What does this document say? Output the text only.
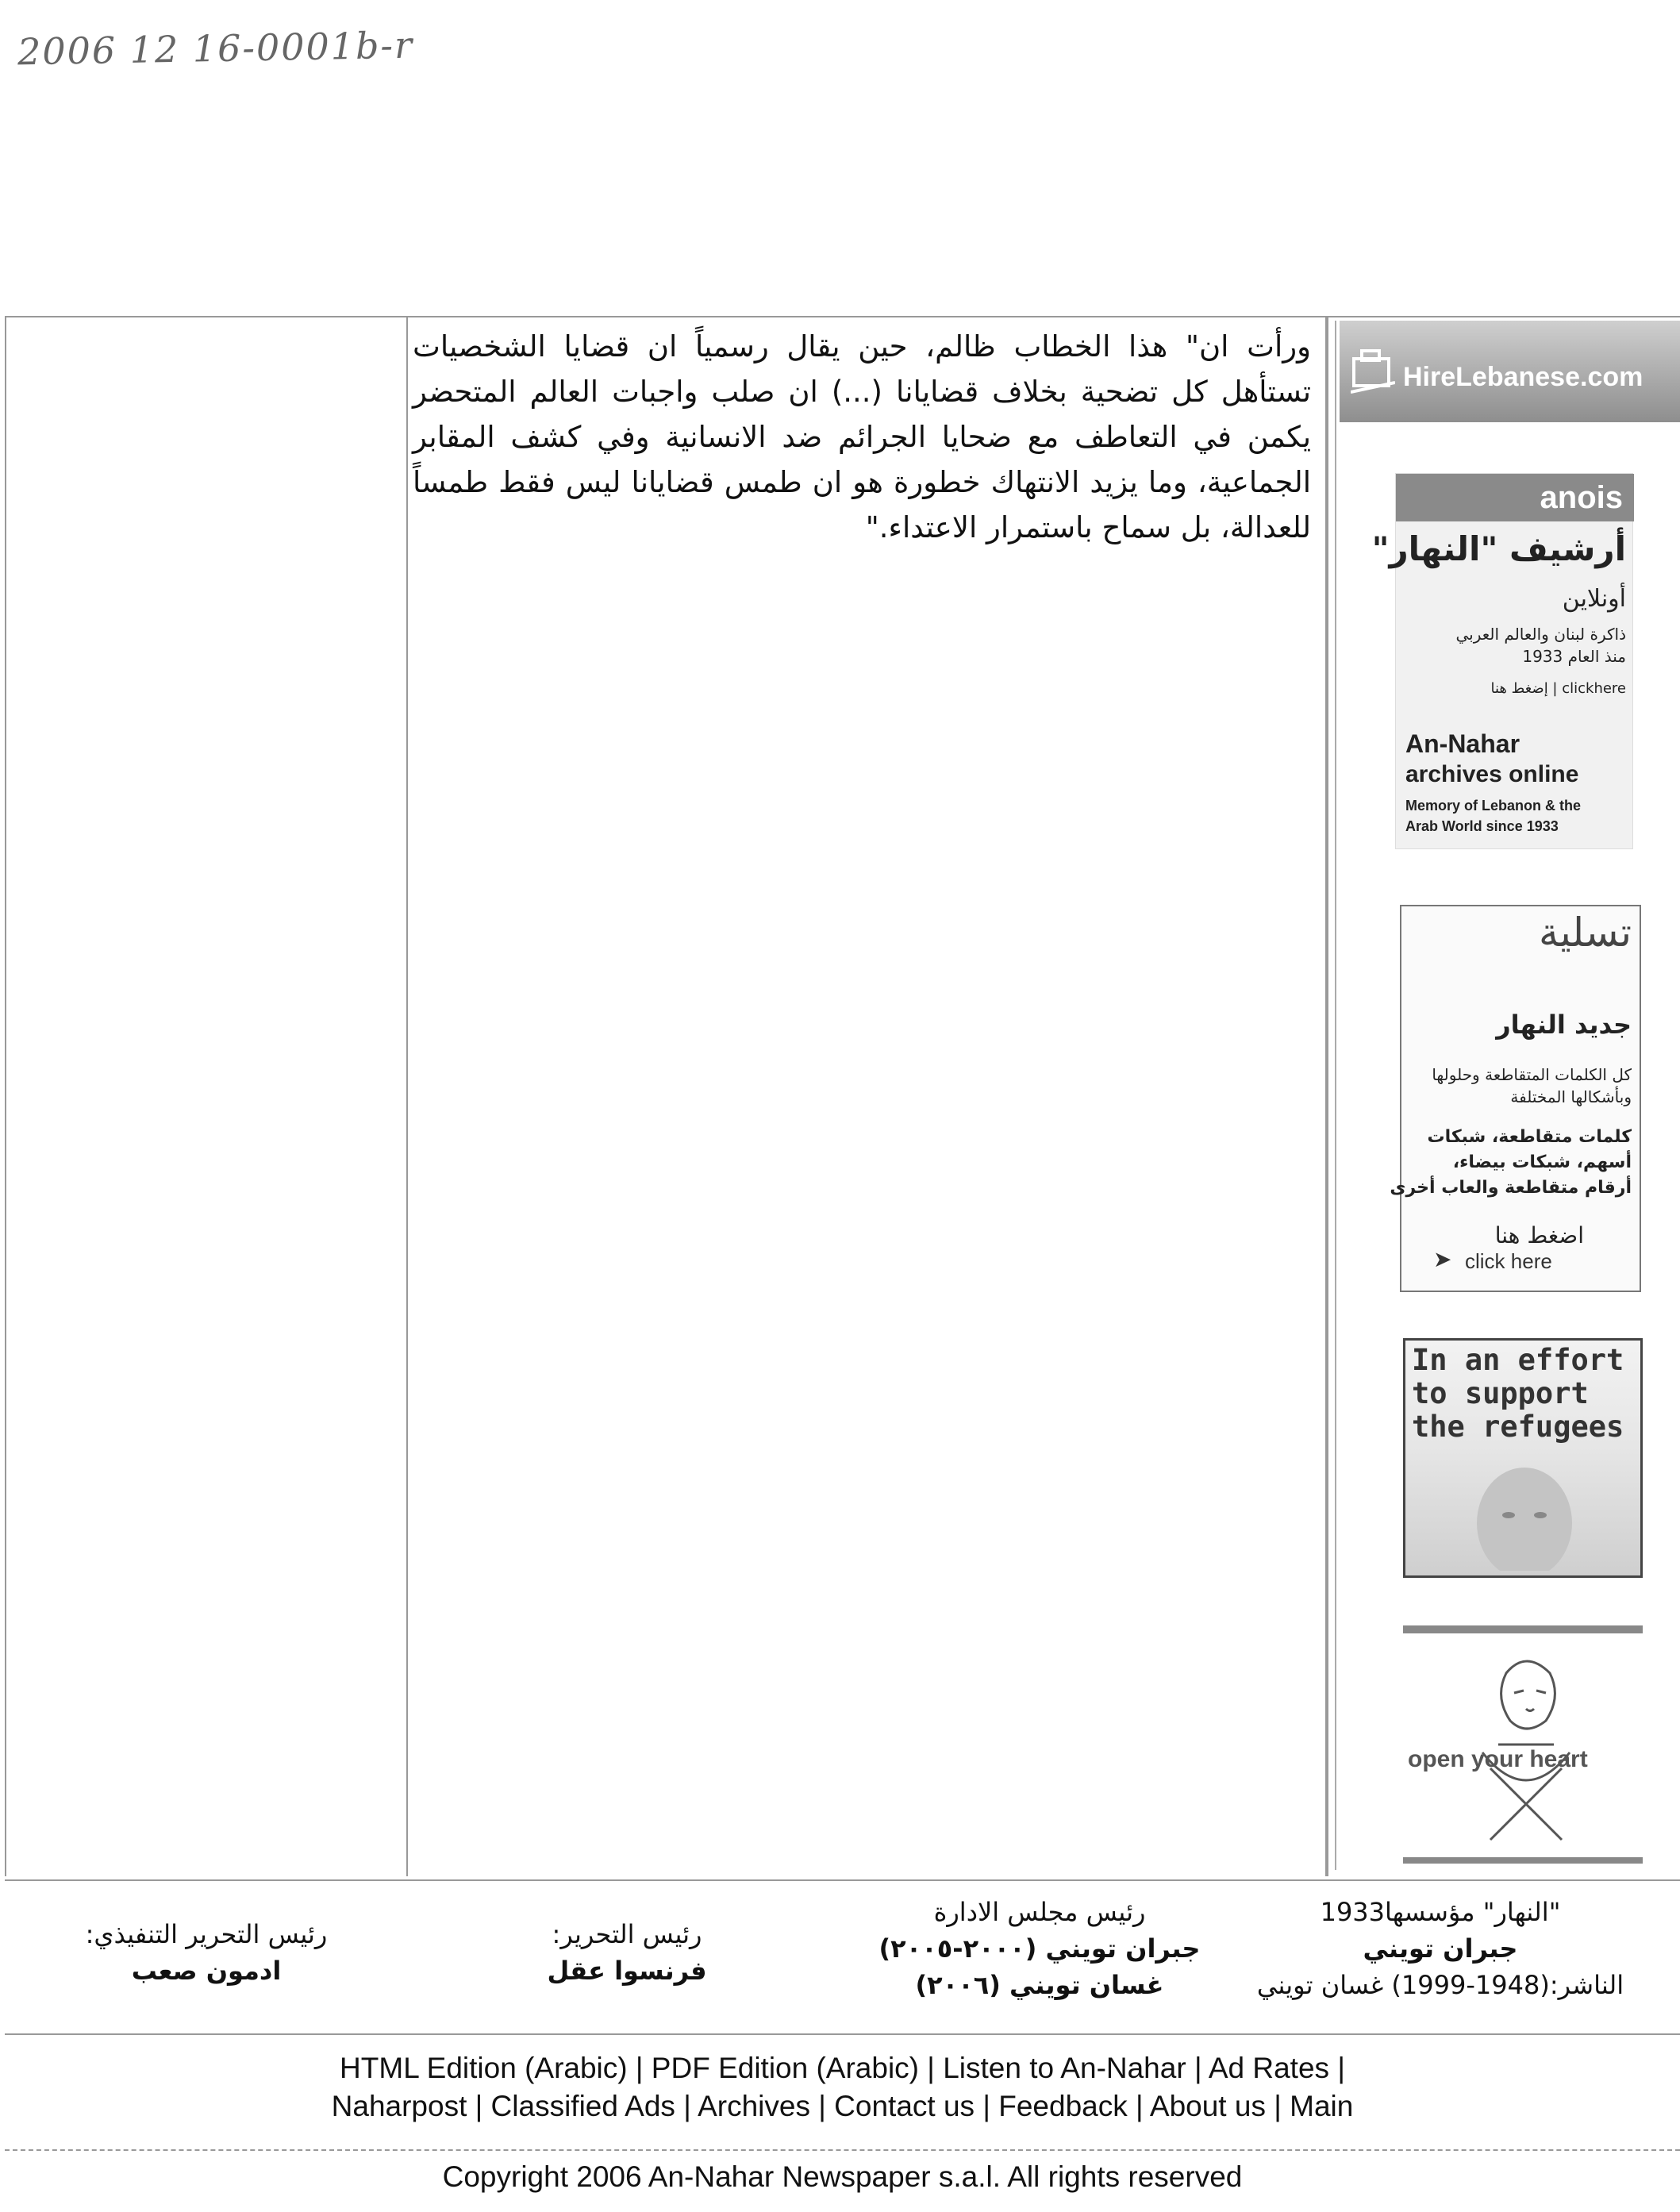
2006 12 16-0001b-r
ورأت ان" هذا الخطاب ظالم، حين يقال رسمياً ان قضايا الشخصيات تستأهل كل تضحية بخلاف قضايانا (...) ان صلب واجبات العالم المتحضر يكمن في التعاطف مع ضحايا الجرائم ضد الانسانية وفي كشف المقابر الجماعية، وما يزيد الانتهاك خطورة هو ان طمس قضايانا ليس فقط طمساً للعدالة، بل سماح باستمرار الاعتداء."
HireLebanese.com
anois
أرشيف "النهار"
أونلاين
ذاكرة لبنان والعالم العربي
منذ العام 1933
clickhere | إضغط هنا
An-Nahar
archives online
Memory of Lebanon & the
Arab World since 1933
تسلية
جديد النهار
كل الكلمات المتقاطعة وحلولها
وبأشكالها المختلفة
كلمات متقاطعة، شبكات
أسهم، شبكات بيضاء،
أرقام متقاطعة والعاب أخرى
اضغط هنا
click here
➤
In an effort
to support
the refugees
open your heart
"النهار" مؤسسها1933
جبران تويني
الناشر:(1948-1999) غسان تويني
رئيس مجلس الادارة
جبران تويني (٢٠٠٠-٢٠٠٥)
غسان تويني (٢٠٠٦)
رئيس التحرير:
فرنسوا عقل
رئيس التحرير التنفيذي:
ادمون صعب
HTML Edition (Arabic) | PDF Edition (Arabic) | Listen to An-Nahar | Ad Rates |
Naharpost | Classified Ads | Archives | Contact us | Feedback | About us | Main
Copyright 2006 An-Nahar Newspaper s.a.l. All rights reserved
